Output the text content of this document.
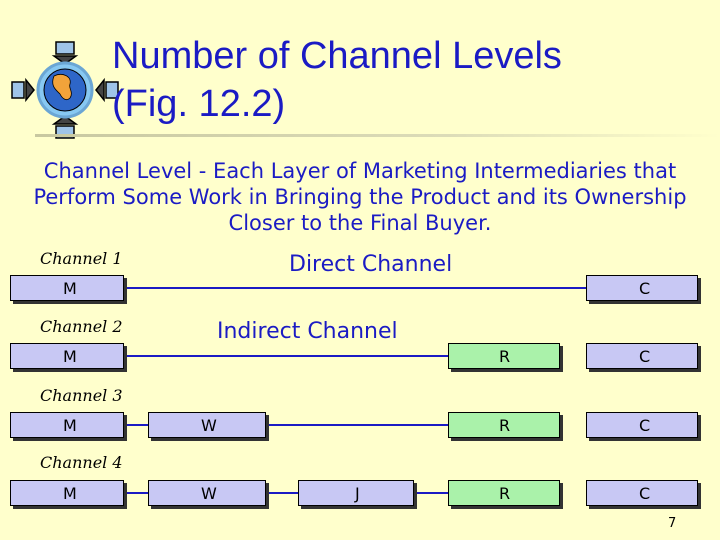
Number of Channel Levels
(Fig. 12.2)
Channel Level - Each Layer of Marketing Intermediaries that Perform Some Work in Bringing the Product and its Ownership Closer to the Final Buyer.
Channel 1	Direct Channel
M	C
Channel 2	Indirect Channel
M	R	C
Channel 3
M	W	R	C
Channel 4
M	W	J	R	C
7
